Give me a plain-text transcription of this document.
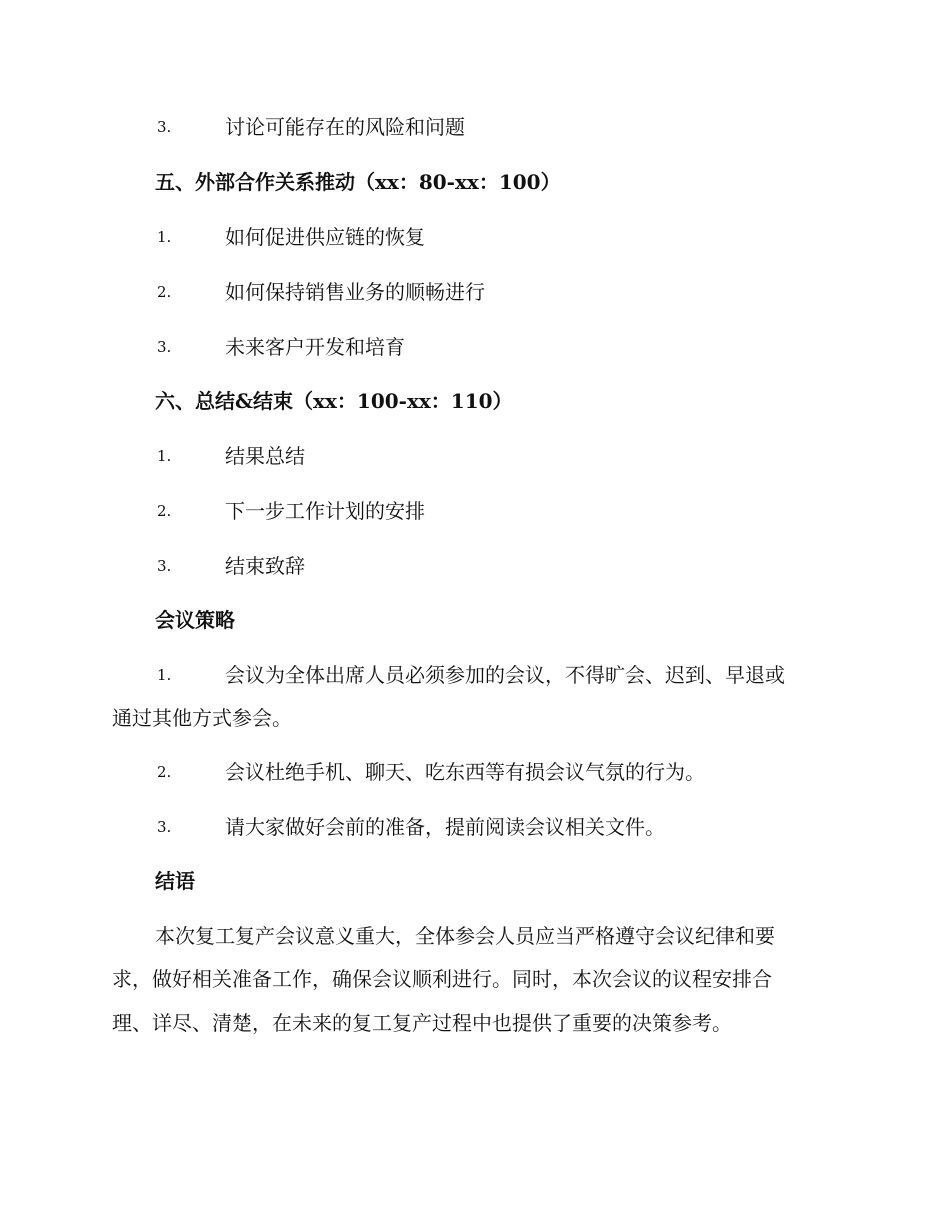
3.	讨论可能存在的风险和问题
五、外部合作关系推动（xx：80-xx：100）
1.	如何促进供应链的恢复
2.	如何保持销售业务的顺畅进行
3.	未来客户开发和培育
六、总结&结束（xx：100-xx：110）
1.	结果总结
2.	下一步工作计划的安排
3.	结束致辞
会议策略
1.	会议为全体出席人员必须参加的会议，不得旷会、迟到、早退或
通过其他方式参会。
2.	会议杜绝手机、聊天、吃东西等有损会议气氛的行为。
3.	请大家做好会前的准备，提前阅读会议相关文件。
结语
本次复工复产会议意义重大，全体参会人员应当严格遵守会议纪律和要
求，做好相关准备工作，确保会议顺利进行。同时，本次会议的议程安排合
理、详尽、清楚，在未来的复工复产过程中也提供了重要的决策参考。
